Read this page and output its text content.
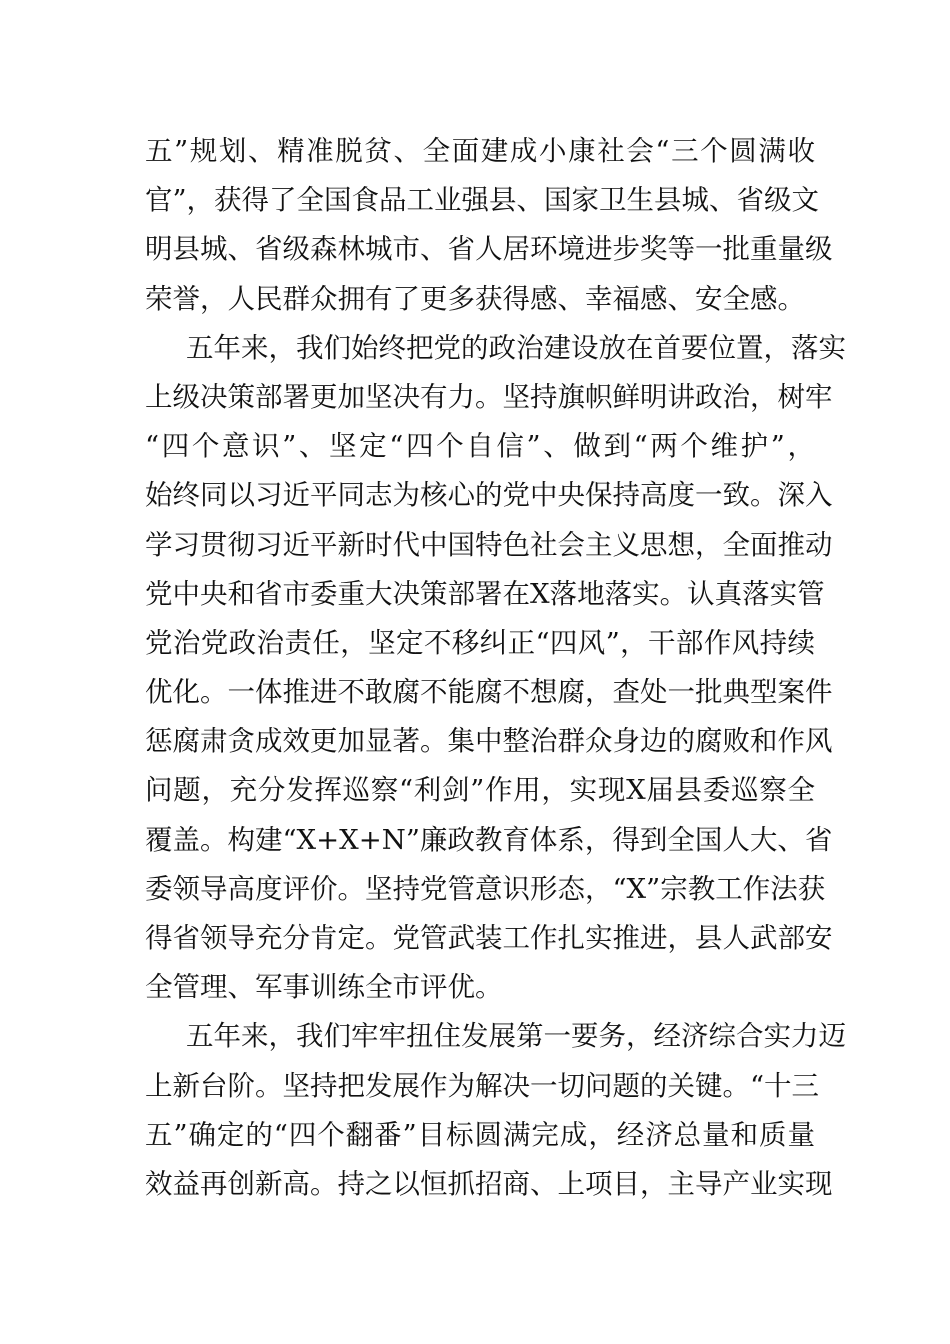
五”规划、精准脱贫、全面建成小康社会“三个圆满收
官”，获得了全国食品工业强县、国家卫生县城、省级文
明县城、省级森林城市、省人居环境进步奖等一批重量级
荣誉，人民群众拥有了更多获得感、幸福感、安全感。
五年来，我们始终把党的政治建设放在首要位置，落实
上级决策部署更加坚决有力。坚持旗帜鲜明讲政治，树牢
“四个意识”、坚定“四个自信”、做到“两个维护”，
始终同以习近平同志为核心的党中央保持高度一致。深入
学习贯彻习近平新时代中国特色社会主义思想，全面推动
党中央和省市委重大决策部署在X落地落实。认真落实管
党治党政治责任，坚定不移纠正“四风”，干部作风持续
优化。一体推进不敢腐不能腐不想腐，查处一批典型案件
惩腐肃贪成效更加显著。集中整治群众身边的腐败和作风
问题，充分发挥巡察“利剑”作用，实现X届县委巡察全
覆盖。构建“X+X+N”廉政教育体系，得到全国人大、省
委领导高度评价。坚持党管意识形态，“X”宗教工作法获
得省领导充分肯定。党管武装工作扎实推进，县人武部安
全管理、军事训练全市评优。
五年来，我们牢牢扭住发展第一要务，经济综合实力迈
上新台阶。坚持把发展作为解决一切问题的关键。“十三
五”确定的“四个翻番”目标圆满完成，经济总量和质量
效益再创新高。持之以恒抓招商、上项目，主导产业实现
